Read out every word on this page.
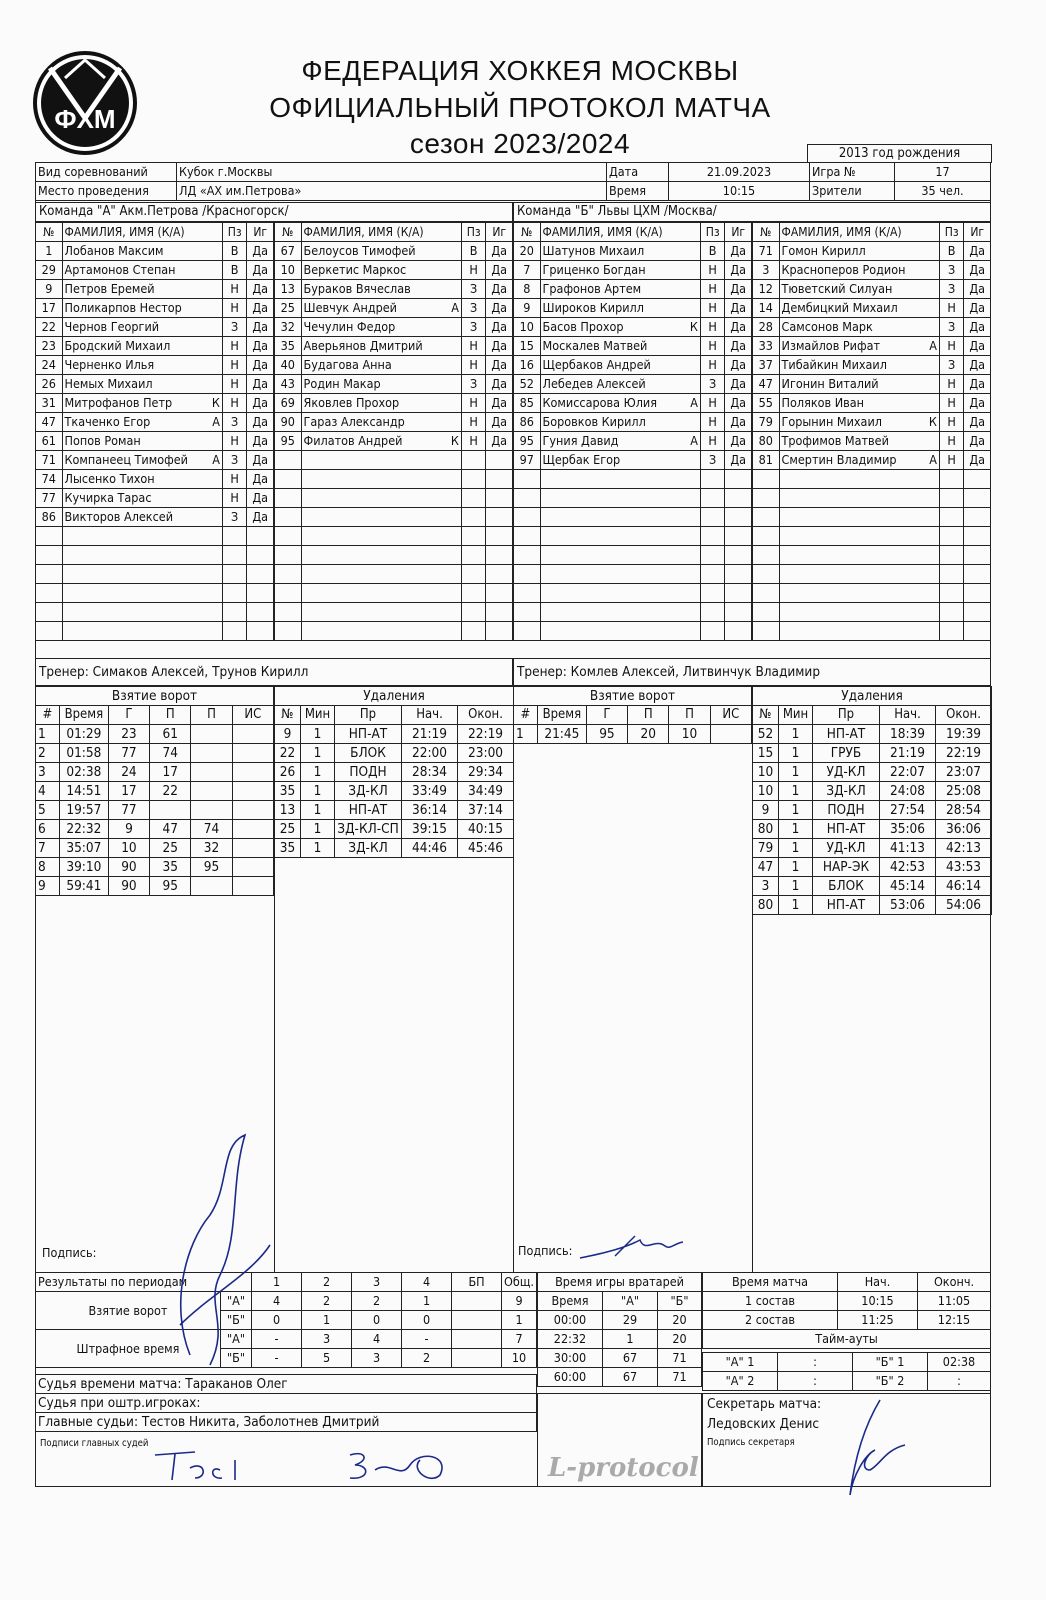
ФХМ
ФЕДЕРАЦИЯ ХОККЕЯ МОСКВЫ
ОФИЦИАЛЬНЫЙ ПРОТОКОЛ МАТЧА
сезон 2023/2024	2013 год рождения
Вид соревнований	Кубок г.Москвы	Дата	21.09.2023	Игра №	17
Место проведения	ЛД «АХ им.Петрова»	Время	10:15	Зрители	35 чел.
Команда "А" Акм.Петрова /Красногорск/	Команда "Б" Львы ЦХМ /Москва/
№	ФАМИЛИЯ, ИМЯ (К/А)	Пз	Иг
1	Лобанов Максим	В	Да
29	Артамонов Степан	В	Да
9	Петров Еремей	Н	Да
17	Поликарпов Нестор	Н	Да
22	Чернов Георгий	З	Да
23	Бродский Михаил	Н	Да
24	Черненко Илья	Н	Да
26	Немых Михаил	Н	Да
31	Митрофанов Петр К	Н	Да
47	Ткаченко Егор А	З	Да
61	Попов Роман	Н	Да
71	Компанеец Тимофей А	З	Да
74	Лысенко Тихон	Н	Да
77	Кучирка Тарас	Н	Да
86	Викторов Алексей	З	Да

№	ФАМИЛИЯ, ИМЯ (К/А)	Пз	Иг
67	Белоусов Тимофей	В	Да
10	Веркетис Маркос	Н	Да
13	Бураков Вячеслав	З	Да
25	Шевчук Андрей А	З	Да
32	Чечулин Федор	З	Да
35	Аверьянов Дмитрий	Н	Да
40	Будагова Анна	Н	Да
43	Родин Макар	З	Да
69	Яковлев Прохор	Н	Да
90	Гараз Александр	Н	Да
95	Филатов Андрей К	Н	Да

№	ФАМИЛИЯ, ИМЯ (К/А)	Пз	Иг
20	Шатунов Михаил	В	Да
7	Гриценко Богдан	Н	Да
8	Графонов Артем	Н	Да
9	Широков Кирилл	Н	Да
10	Басов Прохор К	Н	Да
15	Москалев Матвей	Н	Да
16	Щербаков Андрей	Н	Да
52	Лебедев Алексей	З	Да
85	Комиссарова Юлия А	Н	Да
86	Боровков Кирилл	Н	Да
95	Гуния Давид А	Н	Да
97	Щербак Егор	З	Да

№	ФАМИЛИЯ, ИМЯ (К/А)	Пз	Иг
71	Гомон Кирилл	В	Да
3	Красноперов Родион	З	Да
12	Тюветский Силуан	З	Да
14	Дембицкий Михаил	Н	Да
28	Самсонов Марк	З	Да
33	Измайлов Рифат А	Н	Да
37	Тибайкин Михаил	З	Да
47	Игонин Виталий	Н	Да
55	Поляков Иван	Н	Да
79	Горынин Михаил К	Н	Да
80	Трофимов Матвей	Н	Да
81	Смертин Владимир А	Н	Да

Тренер: Симаков Алексей, Трунов Кирилл	Тренер: Комлев Алексей, Литвинчук Владимир
Взятие ворот					
#	Время	Г	П	П	ИС
1	01:29	23	61		
2	01:58	77	74		
3	02:38	24	17		
4	14:51	17	22		
5	19:57	77			
6	22:32	9	47	74	
7	35:07	10	25	32	
8	39:10	90	35	95	
9	59:41	90	95		

Удаления				
№	Мин	Пр	Нач.	Окон.
9	1	НП-АТ	21:19	22:19
22	1	БЛОК	22:00	23:00
26	1	ПОДН	28:34	29:34
35	1	ЗД-КЛ	33:49	34:49
13	1	НП-АТ	36:14	37:14
25	1	ЗД-КЛ-СП	39:15	40:15
35	1	ЗД-КЛ	44:46	45:46

Взятие ворот					
#	Время	Г	П	П	ИС
1	21:45	95	20	10	

Удаления				
№	Мин	Пр	Нач.	Окон.
52	1	НП-АТ	18:39	19:39
15	1	ГРУБ	21:19	22:19
10	1	УД-КЛ	22:07	23:07
10	1	ЗД-КЛ	24:08	25:08
9	1	ПОДН	27:54	28:54
80	1	НП-АТ	35:06	36:06
79	1	УД-КЛ	41:13	42:13
47	1	НАР-ЭК	42:53	43:53
3	1	БЛОК	45:14	46:14
80	1	НП-АТ	53:06	54:06

Подпись:	Подпись:
Результаты по периодам		1	2	3	4	БП	Общ.
Взятие ворот	"А"	4	2	2	1		9
	"Б"	0	1	0	0		1
Штрафное время	"А"	-	3	4	-		7
	"Б"	-	5	3	2		10
Время игры вратарей		
Время	"А"	"Б"
00:00	29	20
22:32	1	20
30:00	67	71
60:00	67	71
Время матча	Нач.	Оконч.
1 состав	10:15	11:05
2 состав	11:25	12:15
Тайм-ауты		
"А" 1	:	"Б" 1	02:38
"А" 2	:	"Б" 2	:
Судья времени матча: Тараканов Олег
Судья при оштр.игроках:
Главные судьи: Тестов Никита, Заболотнев Дмитрий
Подписи главных судей
L-protocol
Секретарь матча:
Ледовских Денис
Подпись секретаря
